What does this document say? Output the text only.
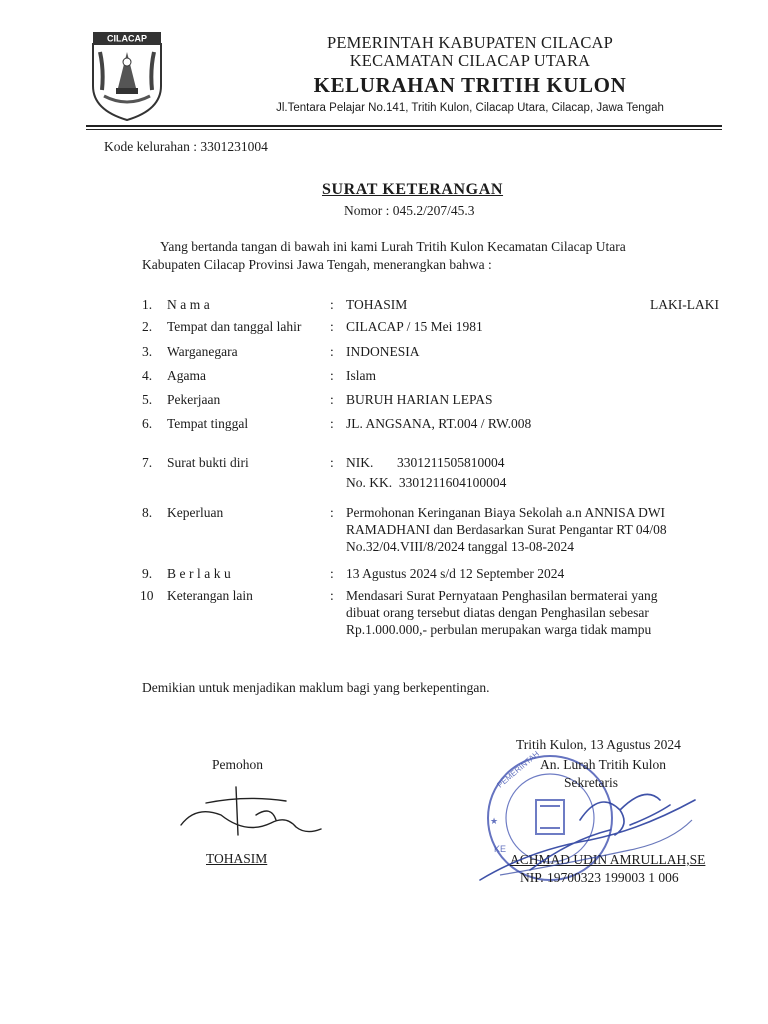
CILACAP	PEMERINTAH KABUPATEN CILACAP
KECAMATAN CILACAP UTARA
KELURAHAN TRITIH KULON
Jl.Tentara Pelajar No.141, Tritih Kulon, Cilacap Utara, Cilacap, Jawa Tengah
Kode kelurahan : 3301231004
SURAT KETERANGAN
Nomor : 045.2/207/45.3
Yang bertanda tangan di bawah ini kami Lurah Tritih Kulon Kecamatan Cilacap Utara
Kabupaten Cilacap Provinsi Jawa Tengah, menerangkan bahwa :
1. Nama	: TOHASIM	LAKI-LAKI
2. Tempat dan tanggal lahir : CILACAP / 15 Mei 1981
3. Warganegara	: INDONESIA
4. Agama	: Islam
5. Pekerjaan	: BURUH HARIAN LEPAS
6. Tempat tinggal	: JL. ANGSANA, RT.004 / RW.008
7. Surat bukti diri	: NIK.       3301211505810004
No. KK.  3301211604100004
8. Keperluan	: Permohonan Keringanan Biaya Sekolah a.n ANNISA DWI
RAMADHANI dan Berdasarkan Surat Pengantar RT 04/08
No.32/04.VIII/8/2024 tanggal 13-08-2024
9. Berlaku	: 13 Agustus 2024 s/d 12 September 2024
10 Keterangan lain	: Mendasari Surat Pernyataan Penghasilan bermaterai yang
dibuat orang tersebut diatas dengan Penghasilan sebesar
Rp.1.000.000,- perbulan merupakan warga tidak mampu
Demikian untuk menjadikan maklum bagi yang berkepentingan.
Pemohon
TOHASIM
PEMERINTAH
KE
★
Tritih Kulon, 13 Agustus 2024
An. Lurah Tritih Kulon
Sekretaris
ACHMAD UDIN AMRULLAH,SE
NIP. 19700323 199003 1 006
